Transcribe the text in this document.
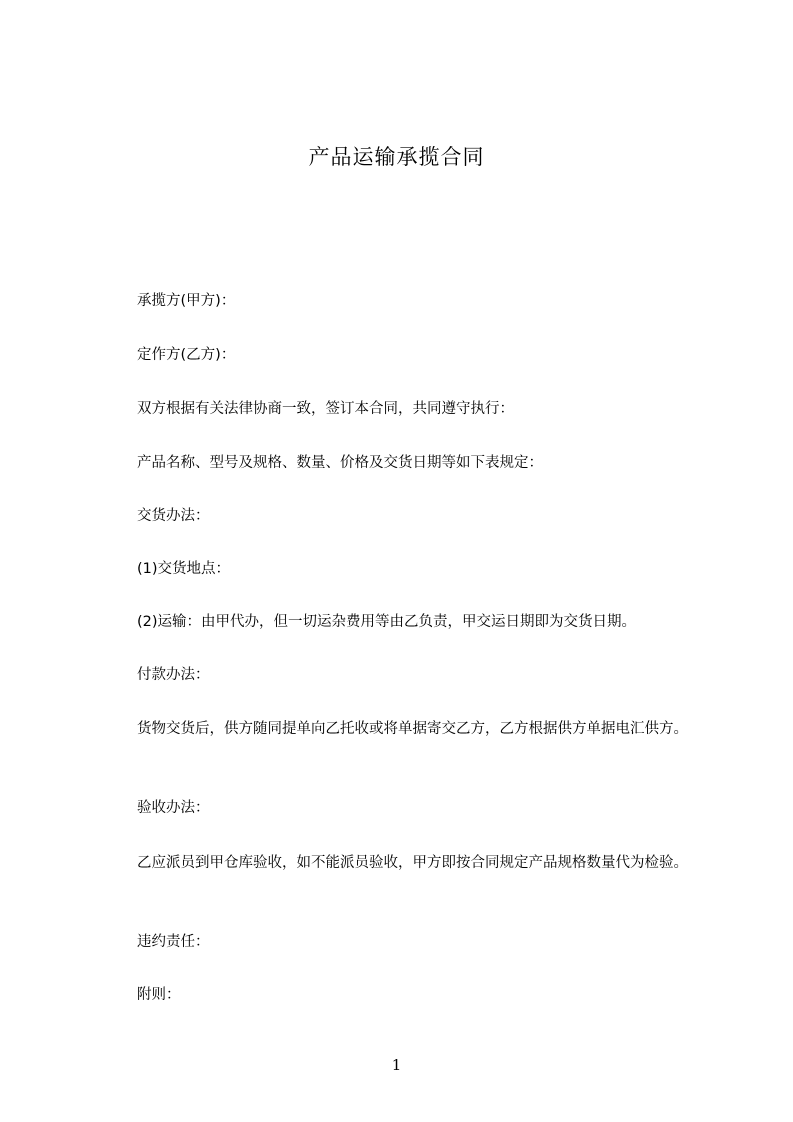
产品运输承揽合同
承揽方(甲方)：
定作方(乙方)：
双方根据有关法律协商一致，签订本合同，共同遵守执行：
产品名称、型号及规格、数量、价格及交货日期等如下表规定：
交货办法：
(1)交货地点：
(2)运输：由甲代办，但一切运杂费用等由乙负责，甲交运日期即为交货日期。
付款办法：
货物交货后，供方随同提单向乙托收或将单据寄交乙方，乙方根据供方单据电汇供方。
验收办法：
乙应派员到甲仓库验收，如不能派员验收，甲方即按合同规定产品规格数量代为检验。
违约责任：
附则：
1
